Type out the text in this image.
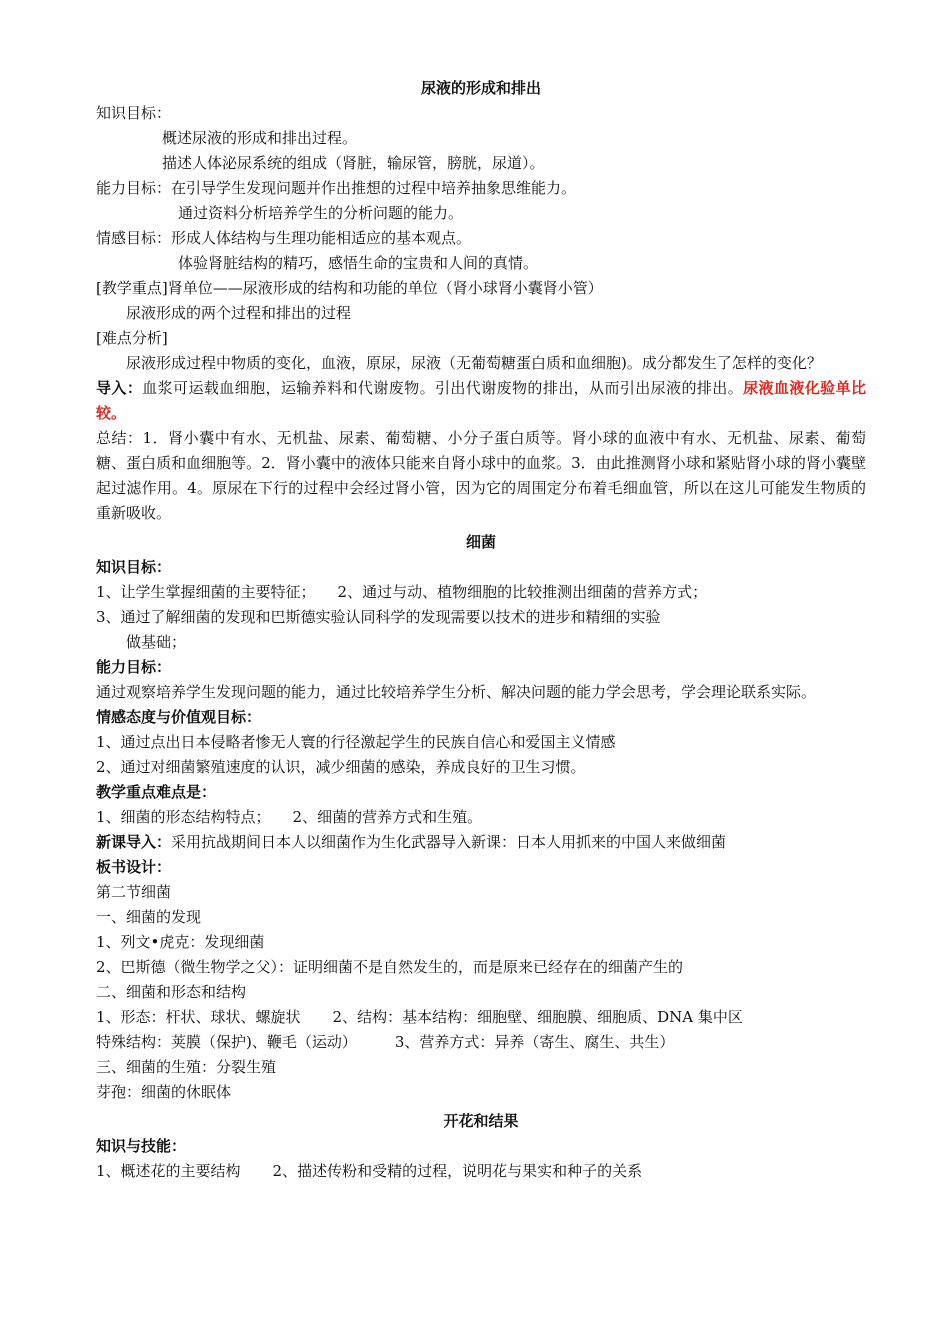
尿液的形成和排出
知识目标：
概述尿液的形成和排出过程。
描述人体泌尿系统的组成（肾脏，输尿管，膀胱，尿道）。
能力目标：在引导学生发现问题并作出推想的过程中培养抽象思维能力。
通过资料分析培养学生的分析问题的能力。
情感目标：形成人体结构与生理功能相适应的基本观点。
体验肾脏结构的精巧，感悟生命的宝贵和人间的真情。
[教学重点]肾单位——尿液形成的结构和功能的单位（肾小球肾小囊肾小管）
尿液形成的两个过程和排出的过程
[难点分析]
尿液形成过程中物质的变化，血液，原尿，尿液（无葡萄糖蛋白质和血细胞)。成分都发生了怎样的变化？
导入：血浆可运载血细胞，运输养料和代谢废物。引出代谢废物的排出，从而引出尿液的排出。尿液血液化验单比较。
总结：1．肾小囊中有水、无机盐、尿素、葡萄糖、小分子蛋白质等。肾小球的血液中有水、无机盐、尿素、葡萄糖、蛋白质和血细胞等。2．肾小囊中的液体只能来自肾小球中的血浆。3．由此推测肾小球和紧贴肾小球的肾小囊壁起过滤作用。4。原尿在下行的过程中会经过肾小管，因为它的周围定分布着毛细血管，所以在这儿可能发生物质的重新吸收。
细菌
知识目标：
1、让学生掌握细菌的主要特征； 2、通过与动、植物细胞的比较推测出细菌的营养方式；
3、通过了解细菌的发现和巴斯德实验认同科学的发现需要以技术的进步和精细的实验
做基础；
能力目标：
通过观察培养学生发现问题的能力，通过比较培养学生分析、解决问题的能力学会思考，学会理论联系实际。
情感态度与价值观目标：
1、通过点出日本侵略者惨无人寰的行径激起学生的民族自信心和爱国主义情感
2、通过对细菌繁殖速度的认识，减少细菌的感染，养成良好的卫生习惯。
教学重点难点是：
1、细菌的形态结构特点； 2、细菌的营养方式和生殖。
新课导入：采用抗战期间日本人以细菌作为生化武器导入新课：日本人用抓来的中国人来做细菌
板书设计：
第二节细菌
一、细菌的发现
1、列文•虎克：发现细菌
2、巴斯德（微生物学之父）：证明细菌不是自然发生的，而是原来已经存在的细菌产生的
二、细菌和形态和结构
1、形态：杆状、球状、螺旋状 2、结构：基本结构：细胞壁、细胞膜、细胞质、DNA 集中区
特殊结构：荚膜（保护)、鞭毛（运动）	3、营养方式：异养（寄生、腐生、共生）
三、细菌的生殖：分裂生殖
芽孢：细菌的休眠体
开花和结果
知识与技能：
1、概述花的主要结构 2、描述传粉和受精的过程，说明花与果实和种子的关系
